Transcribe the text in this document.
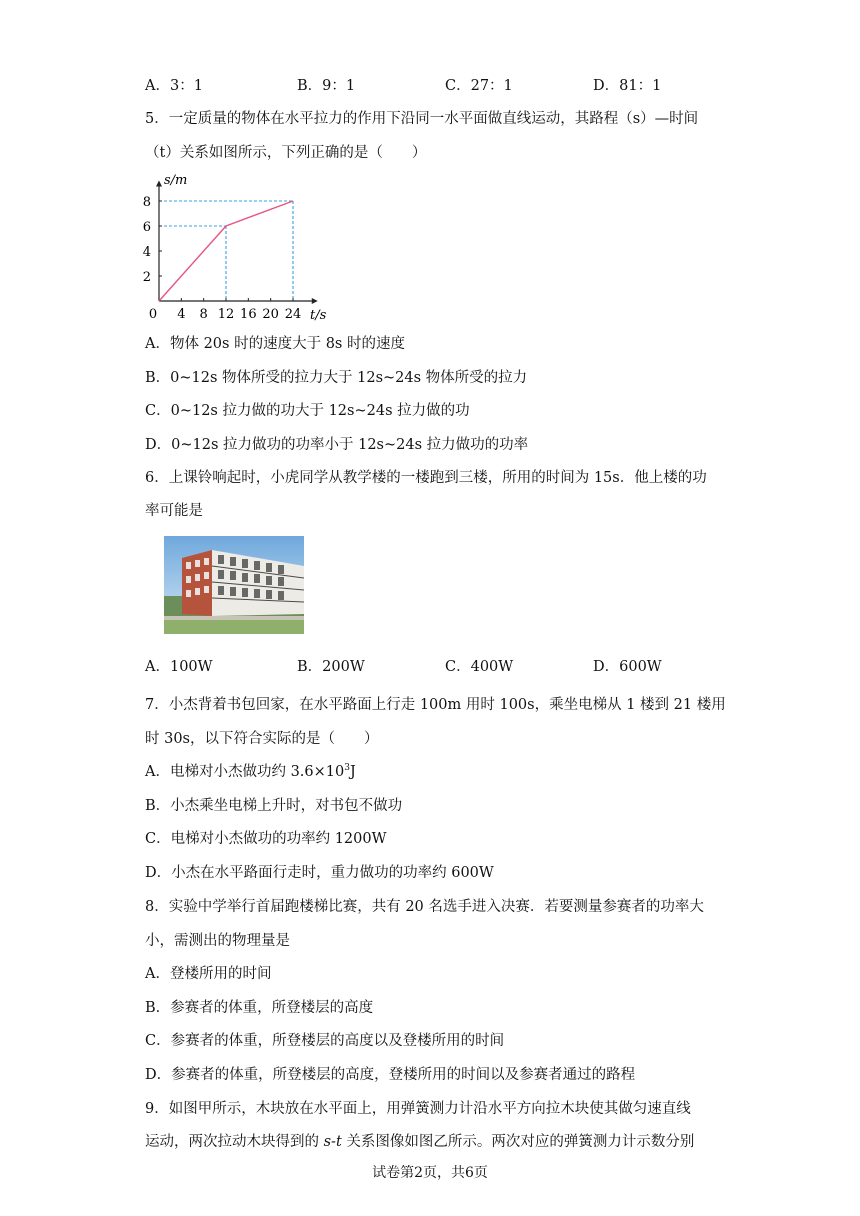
A．3：1	B．9：1	C．27：1	D．81：1
5．一定质量的物体在水平拉力的作用下沿同一水平面做直线运动，其路程（s）—时间
（t）关系如图所示，下列正确的是（　　）
0 4 8 12 16 20 24
2
4
6
8
s/m
t/s
A．物体 20s 时的速度大于 8s 时的速度
B．0~12s 物体所受的拉力大于 12s~24s 物体所受的拉力
C．0~12s 拉力做的功大于 12s~24s 拉力做的功
D．0~12s 拉力做功的功率小于 12s~24s 拉力做功的功率
6．上课铃响起时，小虎同学从教学楼的一楼跑到三楼，所用的时间为 15s．他上楼的功
率可能是
A．100W	B．200W	C．400W	D．600W
7．小杰背着书包回家，在水平路面上行走 100m 用时 100s，乘坐电梯从 1 楼到 21 楼用
时 30s，以下符合实际的是（　　）
A．电梯对小杰做功约 $3.6\times 10^3J$
B．小杰乘坐电梯上升时，对书包不做功
C．电梯对小杰做功的功率约 1200W
D．小杰在水平路面行走时，重力做功的功率约 600W
8．实验中学举行首届跑楼梯比赛，共有 20 名选手进入决赛．若要测量参赛者的功率大
小，需测出的物理量是
A．登楼所用的时间
B．参赛者的体重，所登楼层的高度
C．参赛者的体重，所登楼层的高度以及登楼所用的时间
D．参赛者的体重，所登楼层的高度，登楼所用的时间以及参赛者通过的路程
9．如图甲所示，木块放在水平面上，用弹簧测力计沿水平方向拉木块使其做匀速直线
运动，两次拉动木块得到的 s-t 关系图像如图乙所示。两次对应的弹簧测力计示数分别
试卷第2页，共6页
